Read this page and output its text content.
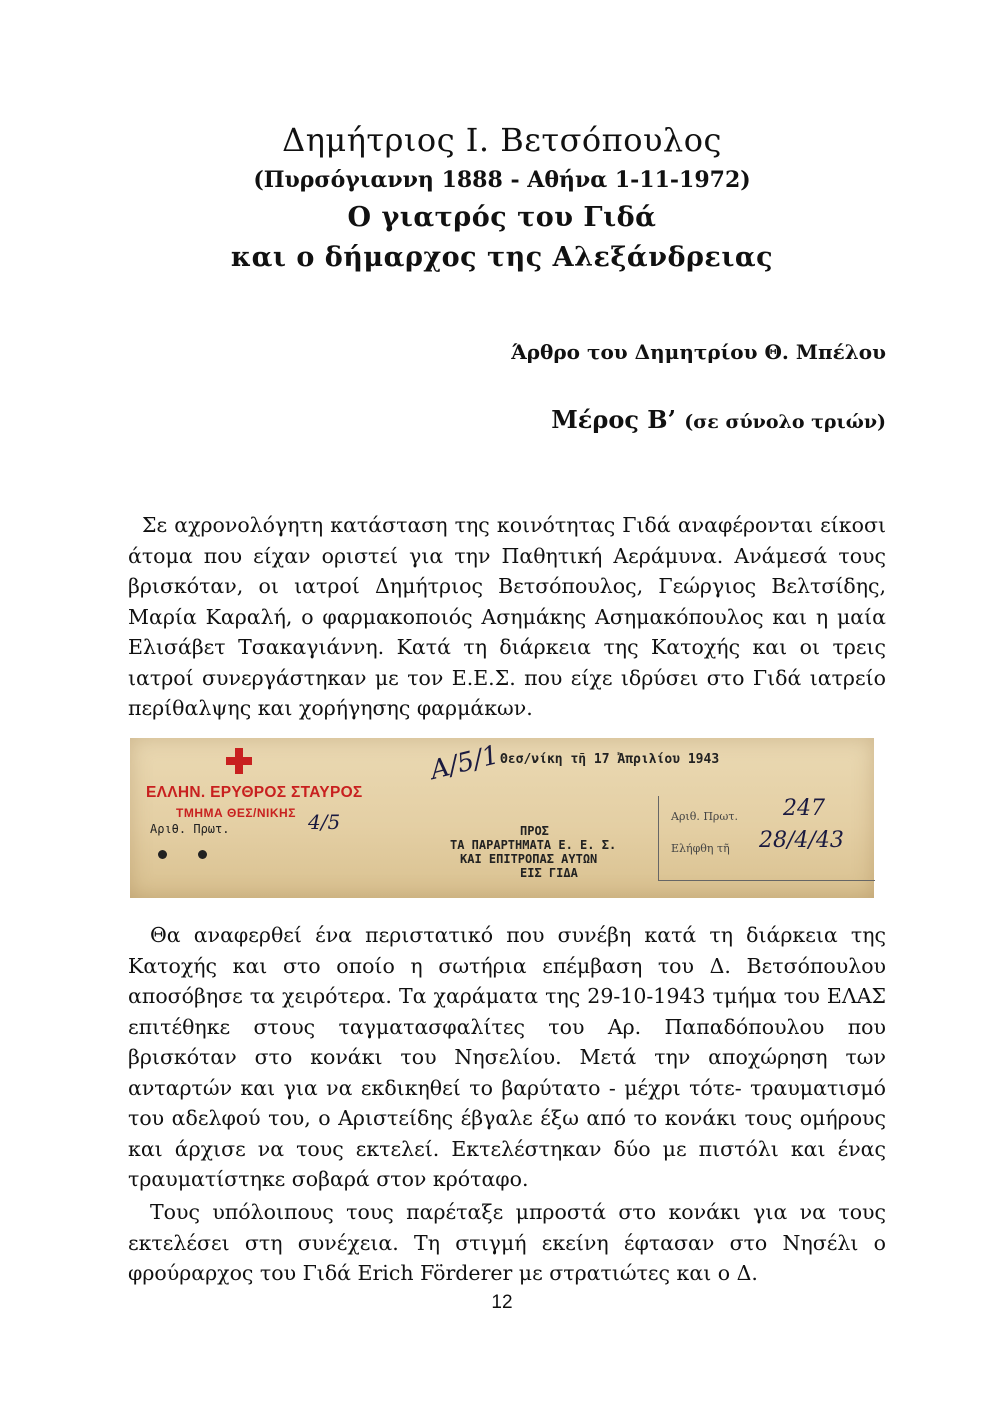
Δημήτριος Ι. Βετσόπουλος

(Πυρσόγιαννη 1888 - Αθήνα 1-11-1972)

Ο γιατρός του Γιδά

και ο δήμαρχος της Αλεξάνδρειας

Άρθρο του Δημητρίου Θ. Μπέλου
Μέρος Β’ (σε σύνολο τριών)

Σε αχρονολόγητη κατάσταση της κοινότητας Γιδά αναφέρονται είκοσι άτομα που είχαν οριστεί για την Παθητική Αεράμυνα. Ανάμεσά τους βρισκόταν, οι ιατροί Δημήτριος Βετσόπουλος, Γεώργιος Βελτσίδης, Μαρία Καραλή, ο φαρμακοποιός Ασημάκης Ασημακόπουλος και η μαία Ελισάβετ Τσακαγιάννη. Κατά τη διάρκεια της Κατοχής και οι τρεις ιατροί συνεργάστηκαν με τον Ε.Ε.Σ. που είχε ιδρύσει στο Γιδά ιατρείο περίθαλψης και χορήγησης φαρμάκων.

ΕΛΛΗΝ. ΕΡΥΘΡΟΣ ΣΤΑΥΡΟΣ
ΤΜΗΜΑ ΘΕΣ/ΝΙΚΗΣ
Αριθ. Πρωτ.	4/5
A/5/1
Θεσ/νίκη τῆ 17 Ἀπριλίου 1943
ΠΡΟΣ
ΤΑ ΠΑΡΑΡΤΗΜΑΤΑ Ε. Ε. Σ.
ΚΑΙ ΕΠΙΤΡΟΠΑΣ ΑΥΤΩΝ
ΕΙΣ ΓΙΔΑ
Αριθ. Πρωτ. 247
Ελήφθη τῆ 28/4/43

Θα αναφερθεί ένα περιστατικό που συνέβη κατά τη διάρκεια της Κατοχής και στο οποίο η σωτήρια επέμβαση του Δ. Βετσόπουλου αποσόβησε τα χειρότερα. Τα χαράματα της 29-10-1943 τμήμα του ΕΛΑΣ επιτέθηκε στους ταγματασφαλίτες του Αρ. Παπαδόπουλου που βρισκόταν στο κονάκι του Νησελίου. Μετά την αποχώρηση των ανταρτών και για να εκδικηθεί το βαρύτατο - μέχρι τότε- τραυματισμό του αδελφού του, ο Αριστείδης έβγαλε έξω από το κονάκι τους ομήρους και άρχισε να τους εκτελεί. Εκτελέστηκαν δύο με πιστόλι και ένας τραυματίστηκε σοβαρά στον κρόταφο.

Τους υπόλοιπους τους παρέταξε μπροστά στο κονάκι για να τους εκτελέσει στη συνέχεια. Τη στιγμή εκείνη έφτασαν στο Νησέλι ο φρούραρχος του Γιδά Erich Förderer με στρατιώτες και ο Δ.

12
